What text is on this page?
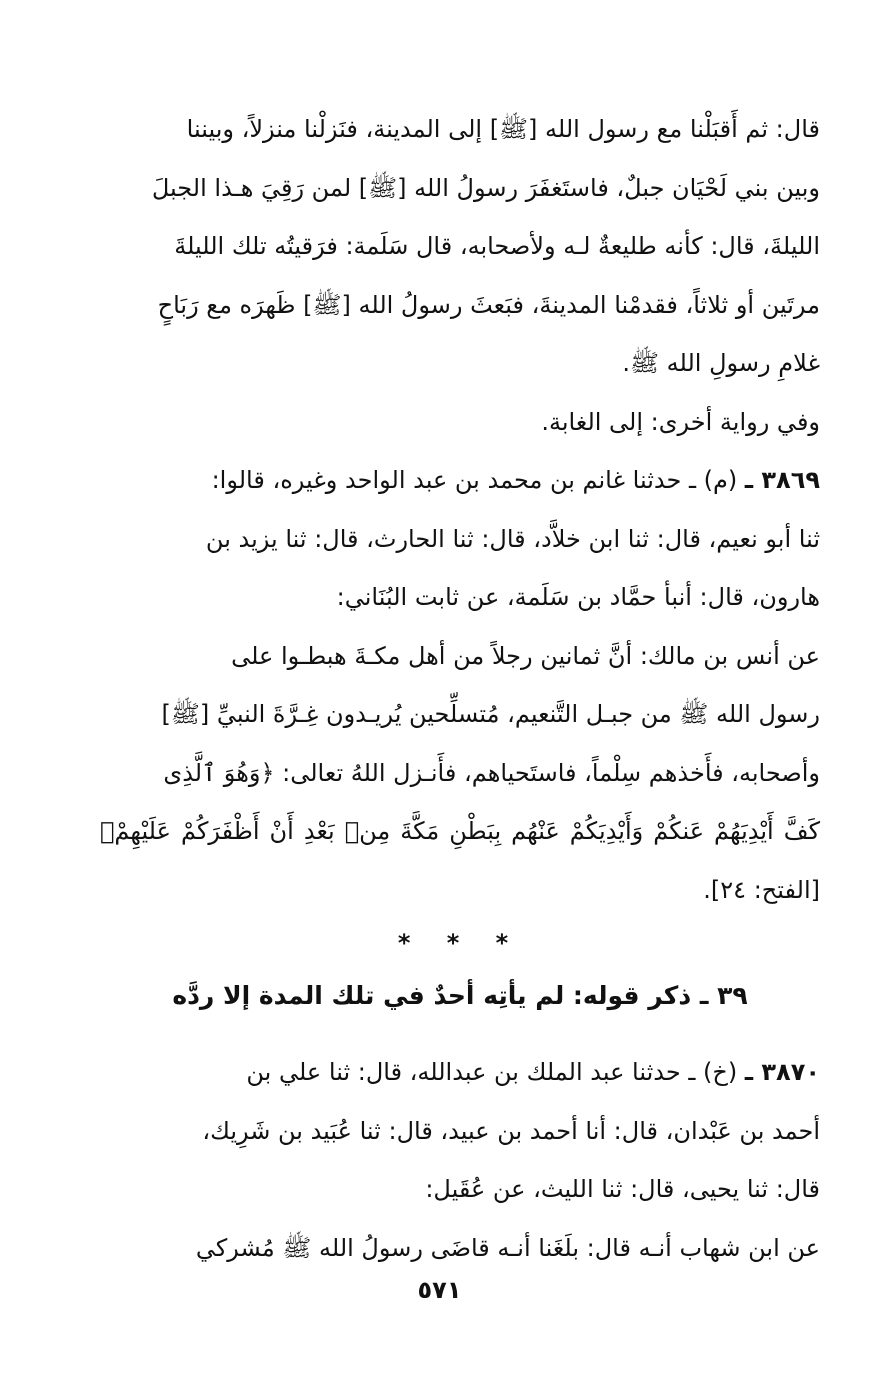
قال: ثم أَقبَلْنا مع رسول الله [ﷺ] إلى المدينة، فنَزلْنا منزلاً، وبيننا
وبين بني لَحْيَان جبلٌ، فاستَغفَرَ رسولُ الله [ﷺ] لمن رَقِيَ هـذا الجبلَ
الليلةَ، قال: كأنه طليعةٌ لـه ولأصحابه، قال سَلَمة: فرَقيتُه تلك الليلةَ
مرتَين أو ثلاثاً، فقدمْنا المدينةَ، فبَعثَ رسولُ الله [ﷺ] ظَهرَه مع رَبَاحٍ
غلامِ رسولِ الله ﷺ.
وفي رواية أخرى: إلى الغابة.
٣٨٦٩ ـ (م) ـ حدثنا غانم بن محمد بن عبد الواحد وغيره، قالوا:
ثنا أبو نعيم، قال: ثنا ابن خلاَّد، قال: ثنا الحارث، قال: ثنا يزيد بن
هارون، قال: أنبأ حمَّاد بن سَلَمة، عن ثابت البُنَاني:
عن أنس بن مالك: أنَّ ثمانين رجلاً من أهل مكـةَ هبطـوا على
رسول الله ﷺ من جبـل التَّنعيم، مُتسلِّحين يُريـدون غِـرَّةَ النبيِّ [ﷺ]
وأصحابه، فأَخذهم سِلْماً، فاستَحياهم، فأَنـزل اللهُ تعالى: ﴿وَهُوَ ٱلَّذِى
كَفَّ أَيْدِيَهُمْ عَنكُمْ وَأَيْدِيَكُمْ عَنْهُم بِبَطْنِ مَكَّةَ مِنۢ بَعْدِ أَنْ أَظْفَرَكُمْ عَلَيْهِمْ﴾ [الفتح: ٢٤].
* * *
٣٩ ـ ذكر قوله: لم يأتِه أحدٌ في تلك المدة إلا ردَّه
٣٨٧٠ ـ (خ) ـ حدثنا عبد الملك بن عبدالله، قال: ثنا علي بن
أحمد بن عَبْدان، قال: أنا أحمد بن عبيد، قال: ثنا عُبَيد بن شَرِيك،
قال: ثنا يحيى، قال: ثنا الليث، عن عُقَيل:
عن ابن شهاب أنـه قال: بلَغَنا أنـه قاضَى رسولُ الله ﷺ مُشركي
٥٧١
